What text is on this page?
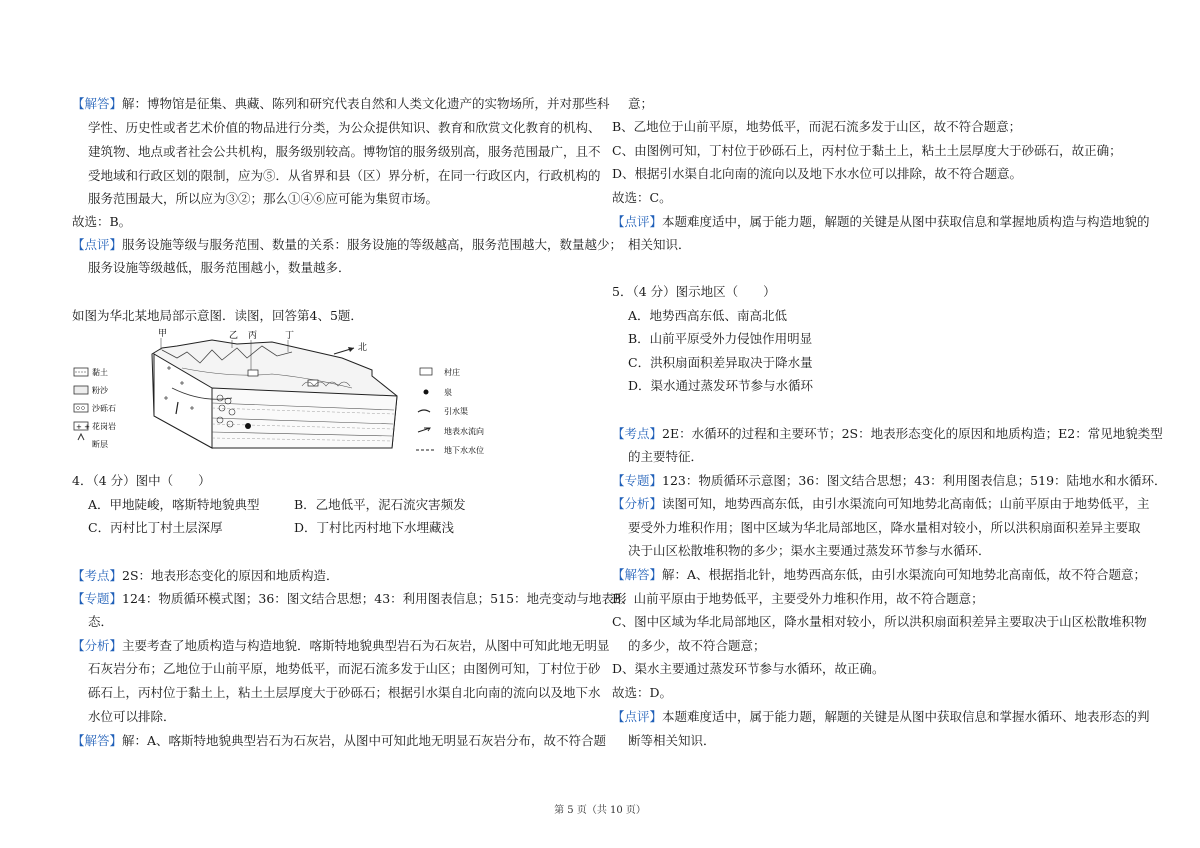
【解答】解：博物馆是征集、典藏、陈列和研究代表自然和人类文化遗产的实物场所，并对那些科
学性、历史性或者艺术价值的物品进行分类，为公众提供知识、教育和欣赏文化教育的机构、
建筑物、地点或者社会公共机构，服务级别较高。博物馆的服务级别高，服务范围最广，且不
受地域和行政区划的限制，应为⑤．从省界和县（区）界分析，在同一行政区内，行政机构的
服务范围最大，所以应为③②；那么①④⑥应可能为集贸市场。
故选：B。
【点评】服务设施等级与服务范围、数量的关系：服务设施的等级越高，服务范围越大，数量越少；
服务设施等级越低，服务范围越小，数量越多．
如图为华北某地局部示意图．读图，回答第4、5题．
黏土
粉沙
沙砾石
+ + 花岗岩
断层
甲	乙 丙	丁
北
村庄
泉
引水渠
地表水流向
地下水水位
4．（4 分）图中（　　）
A．甲地陡峻，喀斯特地貌典型	B．乙地低平，泥石流灾害频发
C．丙村比丁村土层深厚	D．丁村比丙村地下水埋藏浅
【考点】2S：地表形态变化的原因和地质构造．
【专题】124：物质循环模式图；36：图文结合思想；43：利用图表信息；515：地壳变动与地表形
态．
【分析】主要考查了地质构造与构造地貌．喀斯特地貌典型岩石为石灰岩，从图中可知此地无明显
石灰岩分布；乙地位于山前平原，地势低平，而泥石流多发于山区；由图例可知，丁村位于砂
砾石上，丙村位于黏土上，粘土土层厚度大于砂砾石；根据引水渠自北向南的流向以及地下水
水位可以排除．
【解答】解：A、喀斯特地貌典型岩石为石灰岩，从图中可知此地无明显石灰岩分布，故不符合题
意；
B、乙地位于山前平原，地势低平，而泥石流多发于山区，故不符合题意；
C、由图例可知，丁村位于砂砾石上，丙村位于黏土上，粘土土层厚度大于砂砾石，故正确；
D、根据引水渠自北向南的流向以及地下水水位可以排除，故不符合题意。
故选：C。
【点评】本题难度适中，属于能力题，解题的关键是从图中获取信息和掌握地质构造与构造地貌的
相关知识．
5．（4 分）图示地区（　　）
A．地势西高东低、南高北低
B．山前平原受外力侵蚀作用明显
C．洪积扇面积差异取决于降水量
D．渠水通过蒸发环节参与水循环
【考点】2E：水循环的过程和主要环节；2S：地表形态变化的原因和地质构造；E2：常见地貌类型
的主要特征．
【专题】123：物质循环示意图；36：图文结合思想；43：利用图表信息；519：陆地水和水循环．
【分析】读图可知，地势西高东低，由引水渠流向可知地势北高南低；山前平原由于地势低平，主
要受外力堆积作用；图中区域为华北局部地区，降水量相对较小，所以洪积扇面积差异主要取
决于山区松散堆积物的多少；渠水主要通过蒸发环节参与水循环．
【解答】解：A、根据指北针，地势西高东低，由引水渠流向可知地势北高南低，故不符合题意；
B、山前平原由于地势低平，主要受外力堆积作用，故不符合题意；
C、图中区域为华北局部地区，降水量相对较小，所以洪积扇面积差异主要取决于山区松散堆积物
的多少，故不符合题意；
D、渠水主要通过蒸发环节参与水循环，故正确。
故选：D。
【点评】本题难度适中，属于能力题，解题的关键是从图中获取信息和掌握水循环、地表形态的判
断等相关知识．
第 5 页（共 10 页）
